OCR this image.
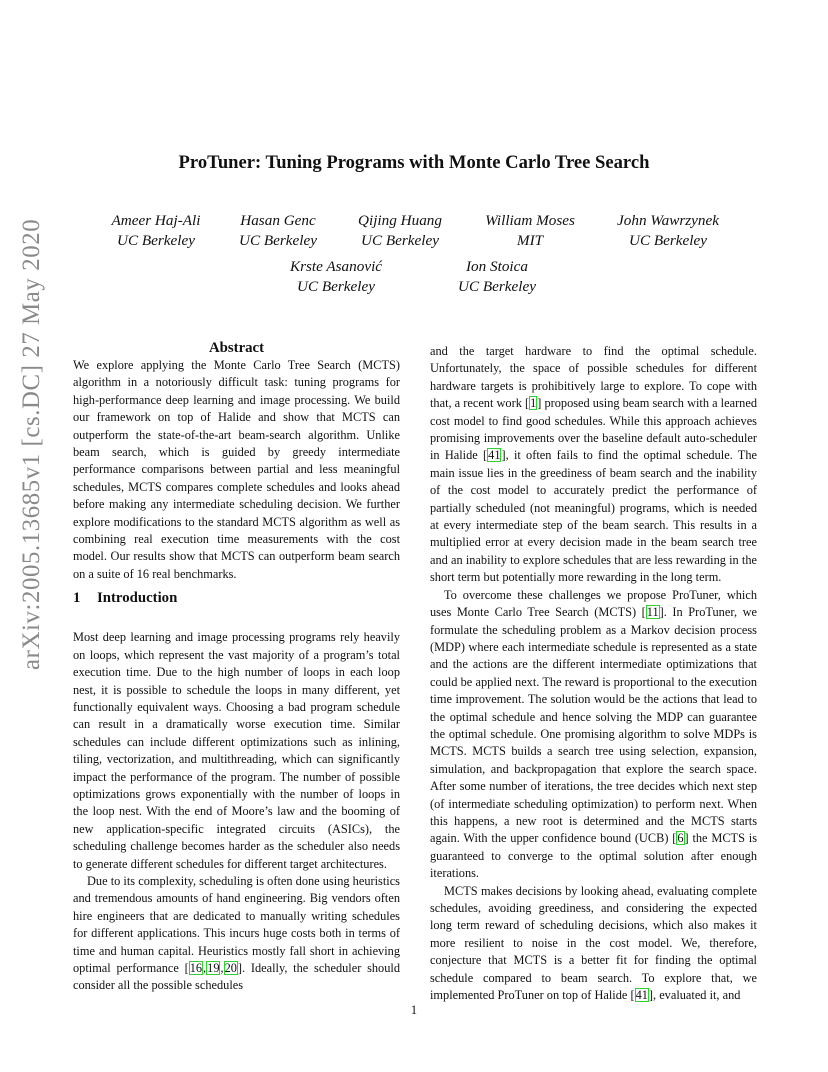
arXiv:2005.13685v1 [cs.DC] 27 May 2020
ProTuner: Tuning Programs with Monte Carlo Tree Search
Ameer Haj-Ali
UC Berkeley
Hasan Genc
UC Berkeley
Qijing Huang
UC Berkeley
William Moses
MIT
John Wawrzynek
UC Berkeley
Krste Asanović
UC Berkeley
Ion Stoica
UC Berkeley
Abstract

We explore applying the Monte Carlo Tree Search (MCTS) algorithm in a notoriously difficult task: tuning programs for high-performance deep learning and image processing. We build our framework on top of Halide and show that MCTS can outperform the state-of-the-art beam-search algorithm. Unlike beam search, which is guided by greedy intermediate performance comparisons between partial and less meaningful schedules, MCTS compares complete schedules and looks ahead before making any intermediate scheduling decision. We further explore modifications to the standard MCTS algorithm as well as combining real execution time measurements with the cost model. Our results show that MCTS can outperform beam search on a suite of 16 real benchmarks.

Most deep learning and image processing programs rely heavily on loops, which represent the vast majority of a program’s total execution time. Due to the high number of loops in each loop nest, it is possible to schedule the loops in many different, yet functionally equivalent ways. Choosing a bad program schedule can result in a dramatically worse execution time. Similar schedules can include different optimizations such as inlining, tiling, vectorization, and multithreading, which can significantly impact the performance of the program. The number of possible optimizations grows exponentially with the number of loops in the loop nest. With the end of Moore’s law and the booming of new application-specific integrated circuits (ASICs), the scheduling challenge becomes harder as the scheduler also needs to generate different schedules for different target architectures.

Due to its complexity, scheduling is often done using heuristics and tremendous amounts of hand engineering. Big vendors often hire engineers that are dedicated to manually writing schedules for different applications. This incurs huge costs both in terms of time and human capital. Heuristics mostly fall short in achieving optimal performance [16,19,20]. Ideally, the scheduler should consider all the possible schedules

1 Introduction

and the target hardware to find the optimal schedule. Unfortunately, the space of possible schedules for different hardware targets is prohibitively large to explore. To cope with that, a recent work [1] proposed using beam search with a learned cost model to find good schedules. While this approach achieves promising improvements over the baseline default auto-scheduler in Halide [41], it often fails to find the optimal schedule. The main issue lies in the greediness of beam search and the inability of the cost model to accurately predict the performance of partially scheduled (not meaningful) programs, which is needed at every intermediate step of the beam search. This results in a multiplied error at every decision made in the beam search tree and an inability to explore schedules that are less rewarding in the short term but potentially more rewarding in the long term.

To overcome these challenges we propose ProTuner, which uses Monte Carlo Tree Search (MCTS) [11]. In ProTuner, we formulate the scheduling problem as a Markov decision process (MDP) where each intermediate schedule is represented as a state and the actions are the different intermediate optimizations that could be applied next. The reward is proportional to the execution time improvement. The solution would be the actions that lead to the optimal schedule and hence solving the MDP can guarantee the optimal schedule. One promising algorithm to solve MDPs is MCTS. MCTS builds a search tree using selection, expansion, simulation, and backpropagation that explore the search space. After some number of iterations, the tree decides which next step (of intermediate scheduling optimization) to perform next. When this happens, a new root is determined and the MCTS starts again. With the upper confidence bound (UCB) [6] the MCTS is guaranteed to converge to the optimal solution after enough iterations.

MCTS makes decisions by looking ahead, evaluating complete schedules, avoiding greediness, and considering the expected long term reward of scheduling decisions, which also makes it more resilient to noise in the cost model. We, therefore, conjecture that MCTS is a better fit for finding the optimal schedule compared to beam search. To explore that, we implemented ProTuner on top of Halide [41], evaluated it, and

1
